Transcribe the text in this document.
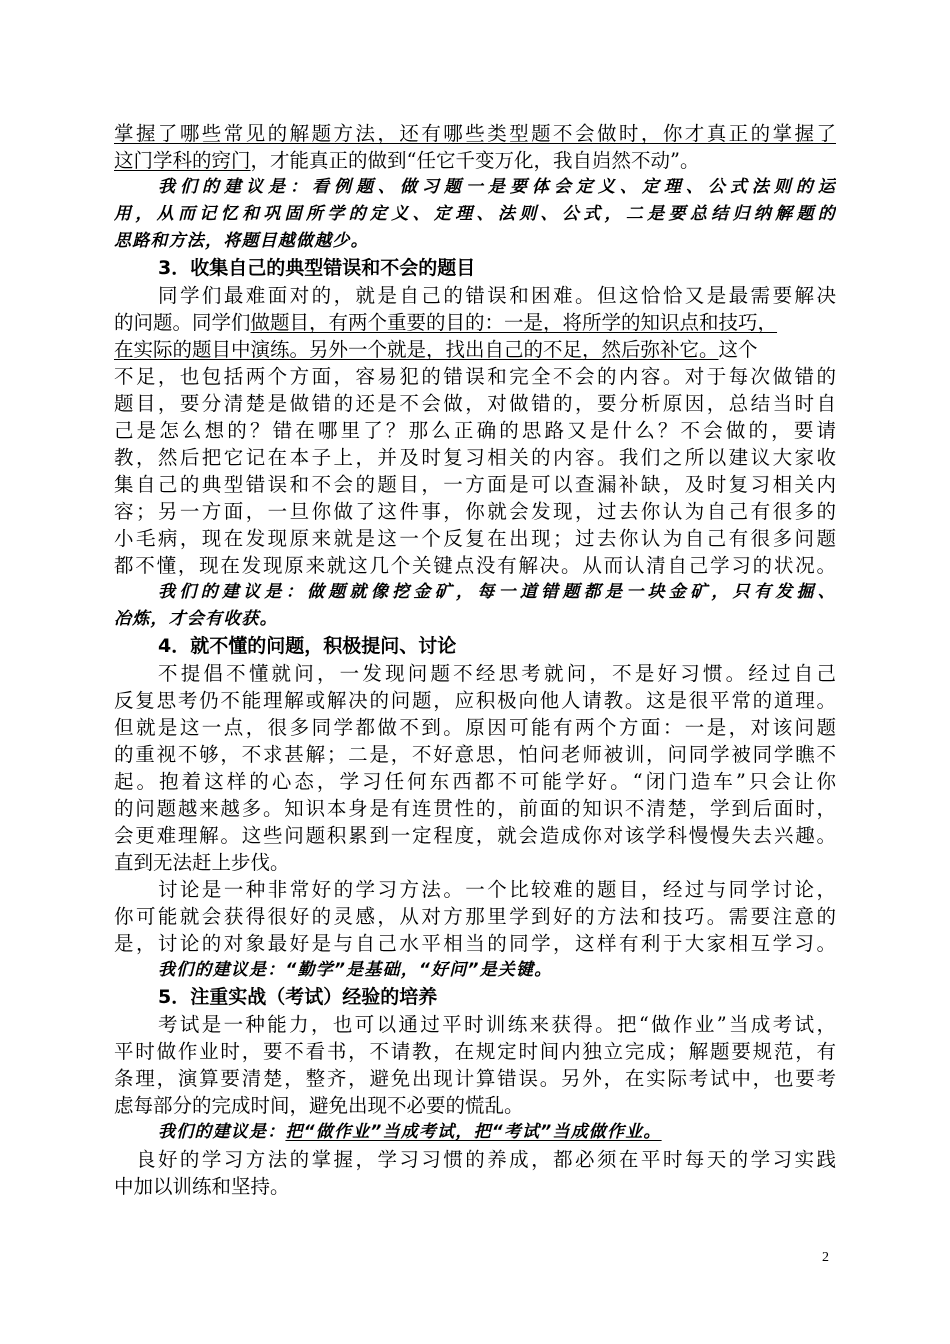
掌握了哪些常见的解题方法，还有哪些类型题不会做时，你才真正的掌握了
这门学科的窍门，才能真正的做到“任它千变万化，我自岿然不动”。
我们的建议是：看例题、做习题一是要体会定义、定理、公式法则的运
用，从而记忆和巩固所学的定义、定理、法则、公式，二是要总结归纳解题的
思路和方法，将题目越做越少。
3．收集自己的典型错误和不会的题目
同学们最难面对的，就是自己的错误和困难。但这恰恰又是最需要解决
的问题。同学们做题目，有两个重要的目的：一是，将所学的知识点和技巧，
在实际的题目中演练。另外一个就是，找出自己的不足，然后弥补它。这个
不足，也包括两个方面，容易犯的错误和完全不会的内容。对于每次做错的
题目，要分清楚是做错的还是不会做，对做错的，要分析原因，总结当时自
己是怎么想的？错在哪里了？那么正确的思路又是什么？不会做的，要请
教，然后把它记在本子上，并及时复习相关的内容。我们之所以建议大家收
集自己的典型错误和不会的题目，一方面是可以查漏补缺，及时复习相关内
容；另一方面，一旦你做了这件事，你就会发现，过去你认为自己有很多的
小毛病，现在发现原来就是这一个反复在出现；过去你认为自己有很多问题
都不懂，现在发现原来就这几个关键点没有解决。从而认清自己学习的状况。
我们的建议是：做题就像挖金矿，每一道错题都是一块金矿，只有发掘、
冶炼，才会有收获。
4．就不懂的问题，积极提问、讨论
不提倡不懂就问，一发现问题不经思考就问，不是好习惯。经过自己
反复思考仍不能理解或解决的问题，应积极向他人请教。这是很平常的道理。
但就是这一点，很多同学都做不到。原因可能有两个方面：一是，对该问题
的重视不够，不求甚解；二是，不好意思，怕问老师被训，问同学被同学瞧不
起。抱着这样的心态，学习任何东西都不可能学好。“闭门造车”只会让你
的问题越来越多。知识本身是有连贯性的，前面的知识不清楚，学到后面时，
会更难理解。这些问题积累到一定程度，就会造成你对该学科慢慢失去兴趣。
直到无法赶上步伐。
讨论是一种非常好的学习方法。一个比较难的题目，经过与同学讨论，
你可能就会获得很好的灵感，从对方那里学到好的方法和技巧。需要注意的
是，讨论的对象最好是与自己水平相当的同学，这样有利于大家相互学习。
我们的建议是：“勤学”是基础，“好问”是关键。
5．注重实战（考试）经验的培养
考试是一种能力，也可以通过平时训练来获得。把“做作业”当成考试，
平时做作业时，要不看书，不请教，在规定时间内独立完成；解题要规范，有
条理，演算要清楚，整齐，避免出现计算错误。另外，在实际考试中，也要考
虑每部分的完成时间，避免出现不必要的慌乱。
我们的建议是：把“做作业”当成考试，把“考试”当成做作业。
良好的学习方法的掌握，学习习惯的养成，都必须在平时每天的学习实践
中加以训练和坚持。
2
